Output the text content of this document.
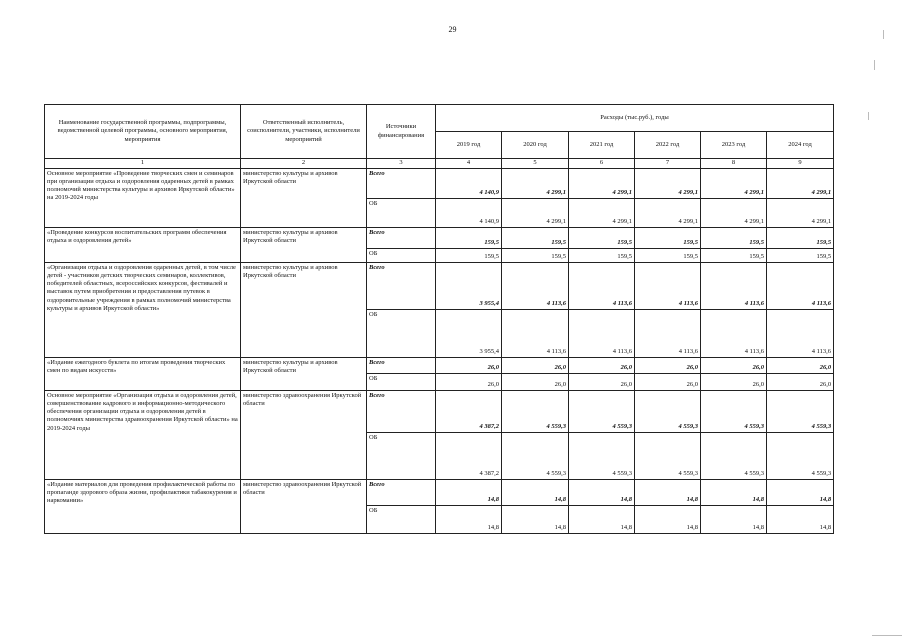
29
Наименование государственной программы, подпрограммы, ведомственной целевой программы, основного мероприятия, мероприятия	Ответственный исполнитель, соисполнители, участники, исполнители мероприятий	Источники финансирования	Расходы (тыс.руб.), годы					
			2019 год	2020 год	2021 год	2022 год	2023 год	2024 год
1	2	3	4	5	6	7	8	9
Основное мероприятие «Проведение творческих смен и семинаров при организации отдыха и оздоровления одаренных детей в рамках полномочий министерства культуры и архивов Иркутской области» на 2019-2024 годы	министерство культуры и архивов Иркутской области	Всего	4 140,9	4 299,1	4 299,1	4 299,1	4 299,1	4 299,1
		ОБ	4 140,9	4 299,1	4 299,1	4 299,1	4 299,1	4 299,1
«Проведение конкурсов воспитательских программ обеспечения отдыха и оздоровления детей»	министерство культуры и архивов Иркутской области	Всего	159,5	159,5	159,5	159,5	159,5	159,5
		ОБ	159,5	159,5	159,5	159,5	159,5	159,5
«Организация отдыха и оздоровления одаренных детей, в том числе детей - участников детских творческих семинаров, коллективов, победителей областных, всероссийских конкурсов, фестивалей и выставок путем приобретения и предоставления путевок в оздоровительные учреждения в рамках полномочий министерства культуры и архивов Иркутской области»	министерство культуры и архивов Иркутской области	Всего	3 955,4	4 113,6	4 113,6	4 113,6	4 113,6	4 113,6
		ОБ	3 955,4	4 113,6	4 113,6	4 113,6	4 113,6	4 113,6
«Издание ежегодного буклета по итогам проведения творческих смен по видам искусств»	министерство культуры и архивов Иркутской области	Всего	26,0	26,0	26,0	26,0	26,0	26,0
		ОБ	26,0	26,0	26,0	26,0	26,0	26,0
Основное мероприятие «Организация отдыха и оздоровления детей, совершенствование кадрового и информационно-методического обеспечения организации отдыха и оздоровления детей в полномочиях министерства здравоохранения Иркутской области» на 2019-2024 годы	министерство здравоохранения Иркутской области	Всего	4 387,2	4 559,3	4 559,3	4 559,3	4 559,3	4 559,3
		ОБ	4 387,2	4 559,3	4 559,3	4 559,3	4 559,3	4 559,3
«Издание материалов для проведения профилактической работы по пропаганде здорового образа жизни, профилактики табакокурения и наркомании»	министерство здравоохранения Иркутской области	Всего	14,8	14,8	14,8	14,8	14,8	14,8
		ОБ	14,8	14,8	14,8	14,8	14,8	14,8
